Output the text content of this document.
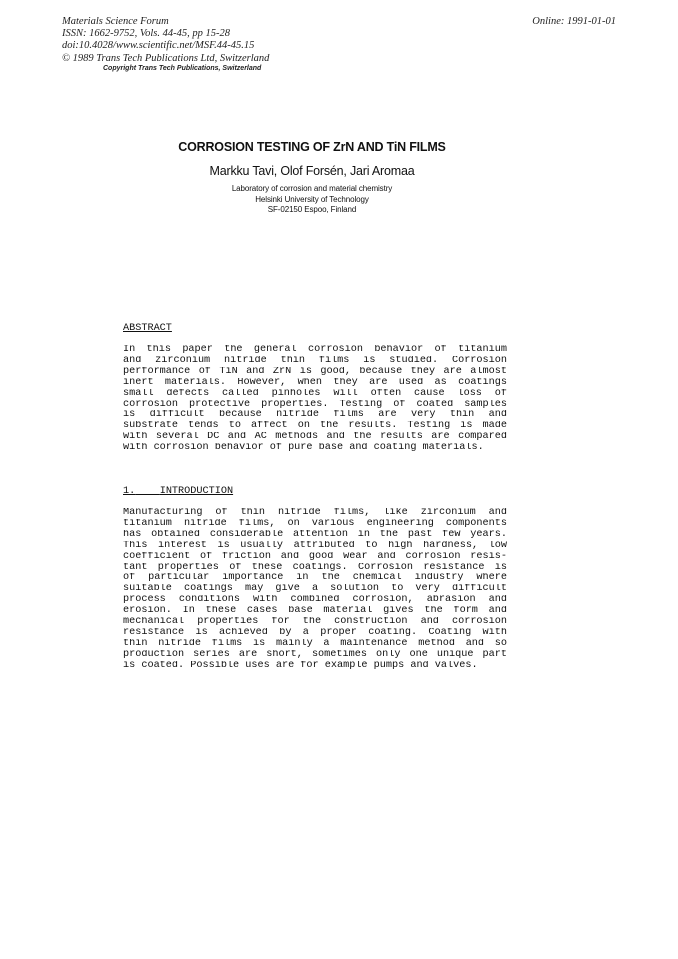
Materials Science Forum
ISSN: 1662-9752, Vols. 44-45, pp 15-28
doi:10.4028/www.scientific.net/MSF.44-45.15
© 1989 Trans Tech Publications Ltd, Switzerland
Copyright Trans Tech Publications, Switzerland
Online: 1991-01-01
CORROSION TESTING OF ZrN AND TiN FILMS
Markku Tavi, Olof Forsén, Jari Aromaa
Laboratory of corrosion and material chemistry
Helsinki University of Technology
SF-02150 Espoo, Finland
ABSTRACT
In this paper the general corrosion behavior of titanium
and zirconium nitride thin films is studied. Corrosion
performance of TiN and ZrN is good, because they are almost
inert materials. However, when they are used as coatings
small defects called pinholes will often cause loss of
corrosion protective properties. Testing of coated samples
is difficult because nitride films are very thin and
substrate tends to affect on the results. Testing is made
with several DC and AC methods and the results are compared
with corrosion behavior of pure base and coating materials.
1. INTRODUCTION
Manufacturing of thin nitride films, like zirconium and
titanium nitride films, on various engineering components
has obtained considerable attention in the past few years.
This interest is usually attributed to high hardness, low
coefficient of friction and good wear and corrosion resis-
tant properties of these coatings. Corrosion resistance is
of particular importance in the chemical industry where
suitable coatings may give a solution to very difficult
process conditions with combined corrosion, abrasion and
erosion. In these cases base material gives the form and
mechanical properties for the construction and corrosion
resistance is achieved by a proper coating. Coating with
thin nitride films is mainly a maintenance method and so
production series are short, sometimes only one unique part
is coated. Possible uses are for example pumps and valves.
